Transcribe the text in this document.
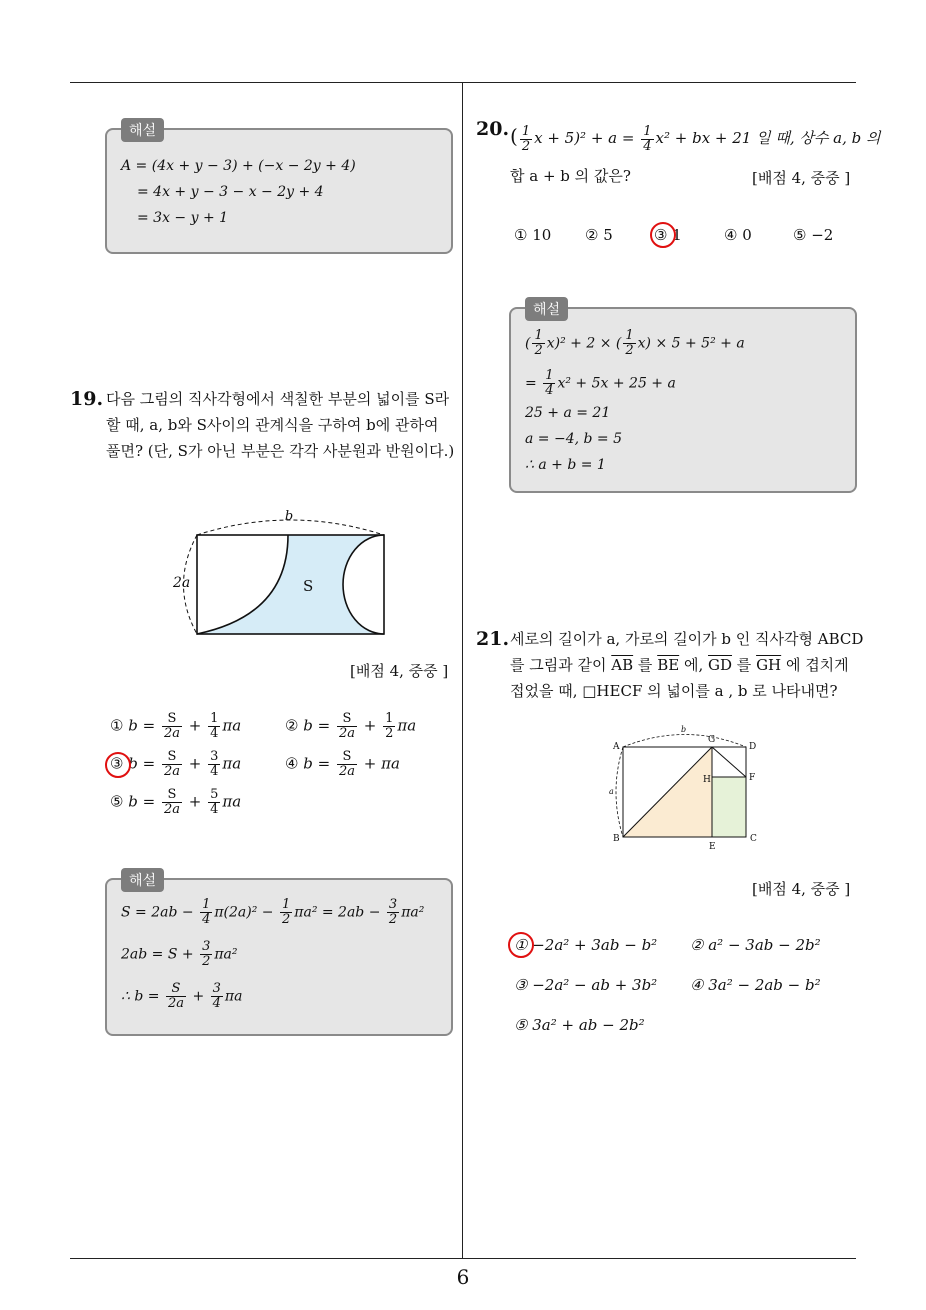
6
해설
A = (4x + y − 3) + (−x − 2y + 4)
= 4x + y − 3 − x − 2y + 4
= 3x − y + 1
19. 다음 그림의 직사각형에서 색칠한 부분의 넓이를 S라
할 때, a, b와 S사이의 관계식을 구하여 b에 관하여
풀면? (단, S가 아닌 부분은 각각 사분원과 반원이다.)
b
2a	S
[배점 4, 중중 ]
① $b = \frac{S}{2a} + \frac{1}{4}$ πa	② $b = \frac{S}{2a} + \frac{1}{2}$ πa
③ $b = \frac{S}{2a} + \frac{3}{4}$ πa	④ $b = \frac{S}{2a} + \pi a$
⑤ $b = \frac{S}{2a} + \frac{5}{4}$ πa
해설
$S = 2ab - \frac{1}{4} \pi(2a)^2 - \frac{1}{2} \pi a^2 = 2ab - \frac{3}{2} \pi a^2$
$2ab = S + \frac{3}{2} \pi a^2$
∴ $b = \frac{S}{2a} + \frac{3}{4}$ πa
20. ( $\frac{1}{2}$ $x + 5)^2 + a = \frac{1}{4} x^2$ + bx + 21 일 때, 상수 a, b 의
합 a + b 의 값은?	[배점 4, 중중 ]
① 10 ② 5	③ 1	④ 0	⑤ −2
해설
( $\frac{1}{2} x)^2 + 2$ × ( $\frac{1}{2} x) \times 5 + 5^2 + a$
= $\frac{1}{4} x^2 + 5x + 25 + a$
25 + a = 21
a = −4, b = 5
∴ a + b = 1
21. 세로의 길이가 a, 가로의 길이가 b 인 직사각형 ABCD
를 그림과 같이 $\overline{AB}$ 를 $\overline{BE}$ 에, $\overline{GD}$ 를 $\overline{GH}$ 에 겹치게
접었을 때, □HECF 의 넓이를 a , b 로 나타내면?
A
B	C
D
E
F
G
H
a
b
[배점 4, 중중 ]
① −2a² + 3ab − b² ② a² − 3ab − 2b²
③ −2a² − ab + 3b² ④ 3a² − 2ab − b²
⑤ 3a² + ab − 2b²
